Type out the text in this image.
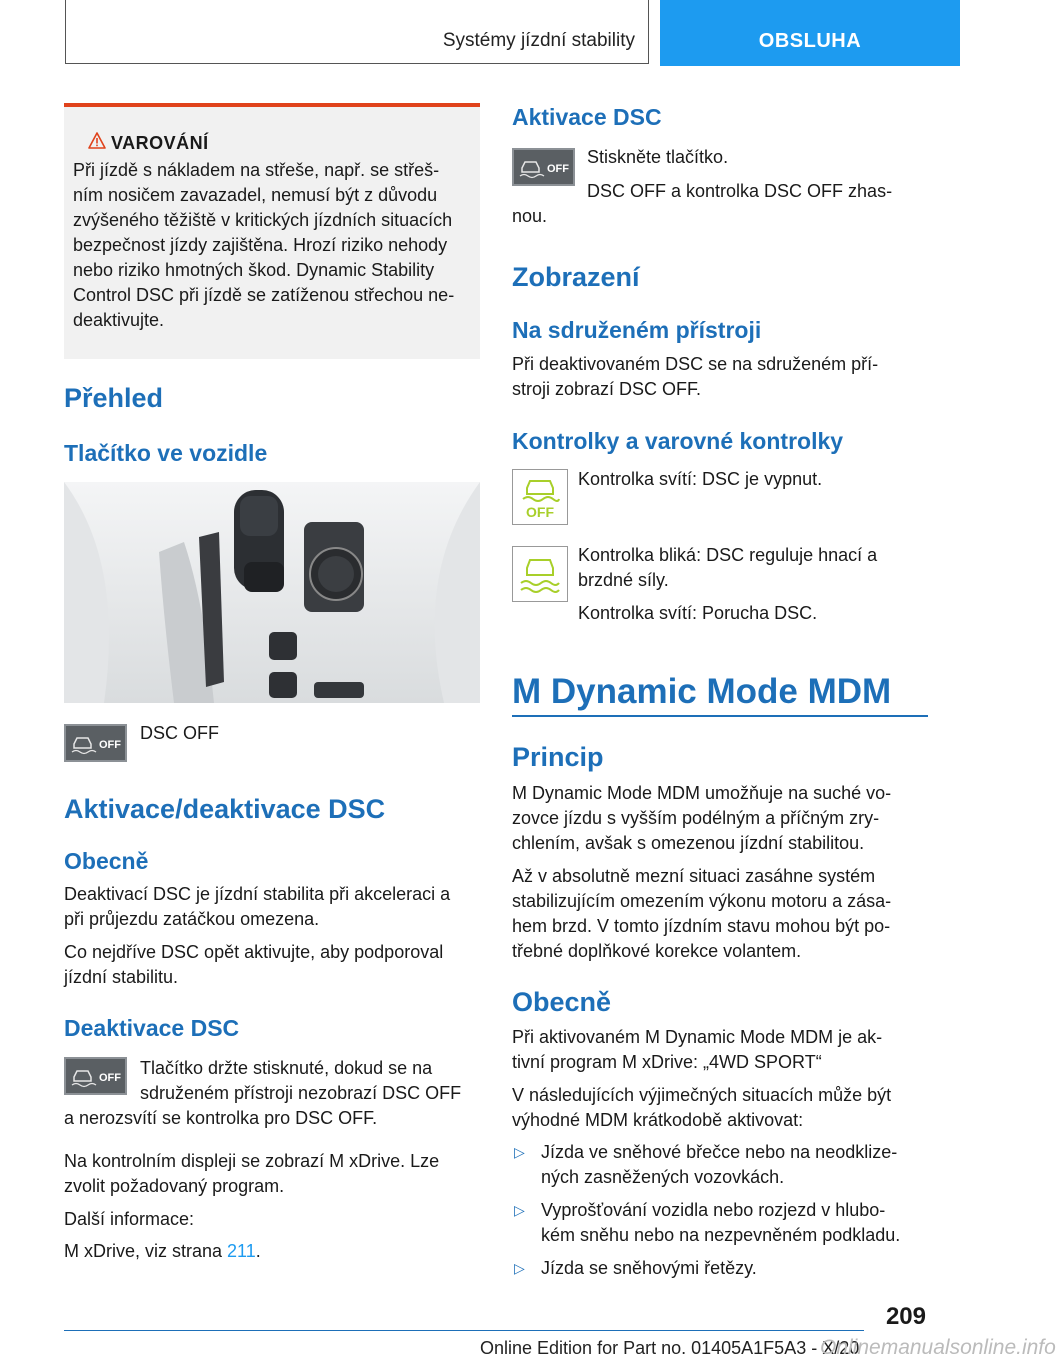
Systémy jízdní stability	OBSLUHA
VAROVÁNÍ
Při jízdě s nákladem na střeše, např. se střeš-
ním nosičem zavazadel, nemusí být z důvodu
zvýšeného těžiště v kritických jízdních situacích
bezpečnost jízdy zajištěna. Hrozí riziko nehody
nebo riziko hmotných škod. Dynamic Stability
Control DSC při jízdě se zatíženou střechou ne-
deaktivujte.
Přehled
Tlačítko ve vozidle
OFF
DSC OFF
Aktivace/deaktivace DSC
Obecně
Deaktivací DSC je jízdní stabilita při akceleraci a
při průjezdu zatáčkou omezena.
Co nejdříve DSC opět aktivujte, aby podporoval
jízdní stabilitu.
Deaktivace DSC
OFF Tlačítko držte stisknuté, dokud se na
sdruženém přístroji nezobrazí DSC OFF
a nerozsvítí se kontrolka pro DSC OFF.
Na kontrolním displeji se zobrazí M xDrive. Lze
zvolit požadovaný program.
Další informace:
M xDrive, viz strana 211.
Aktivace DSC
OFF
Stiskněte tlačítko.
DSC OFF a kontrolka DSC OFF zhas-
nou.
Zobrazení
Na sdruženém přístroji
Při deaktivovaném DSC se na sdruženém pří-
stroji zobrazí DSC OFF.
Kontrolky a varovné kontrolky
OFF
Kontrolka svítí: DSC je vypnut.
Kontrolka bliká: DSC reguluje hnací a
brzdné síly.
Kontrolka svítí: Porucha DSC.
M Dynamic Mode MDM
Princip
M Dynamic Mode MDM umožňuje na suché vo-
zovce jízdu s vyšším podélným a příčným zry-
chlením, avšak s omezenou jízdní stabilitou.
Až v absolutně mezní situaci zasáhne systém
stabilizujícím omezením výkonu motoru a zása-
hem brzd. V tomto jízdním stavu mohou být po-
třebné doplňkové korekce volantem.
Obecně
Při aktivovaném M Dynamic Mode MDM je ak-
tivní program M xDrive: „4WD SPORT“
V následujících výjimečných situacích může být
výhodné MDM krátkodobě aktivovat:
▷ Jízda ve sněhové břečce nebo na neodklize-
ných zasněžených vozovkách.
▷ Vyprošťování vozidla nebo rozjezd v hlubo-
kém sněhu nebo na nezpevněném podkladu.
▷ Jízda se sněhovými řetězy.
209
Online Edition for Part no. 01405A1F5A3 - X/20
Onlinemanualsonline.info
